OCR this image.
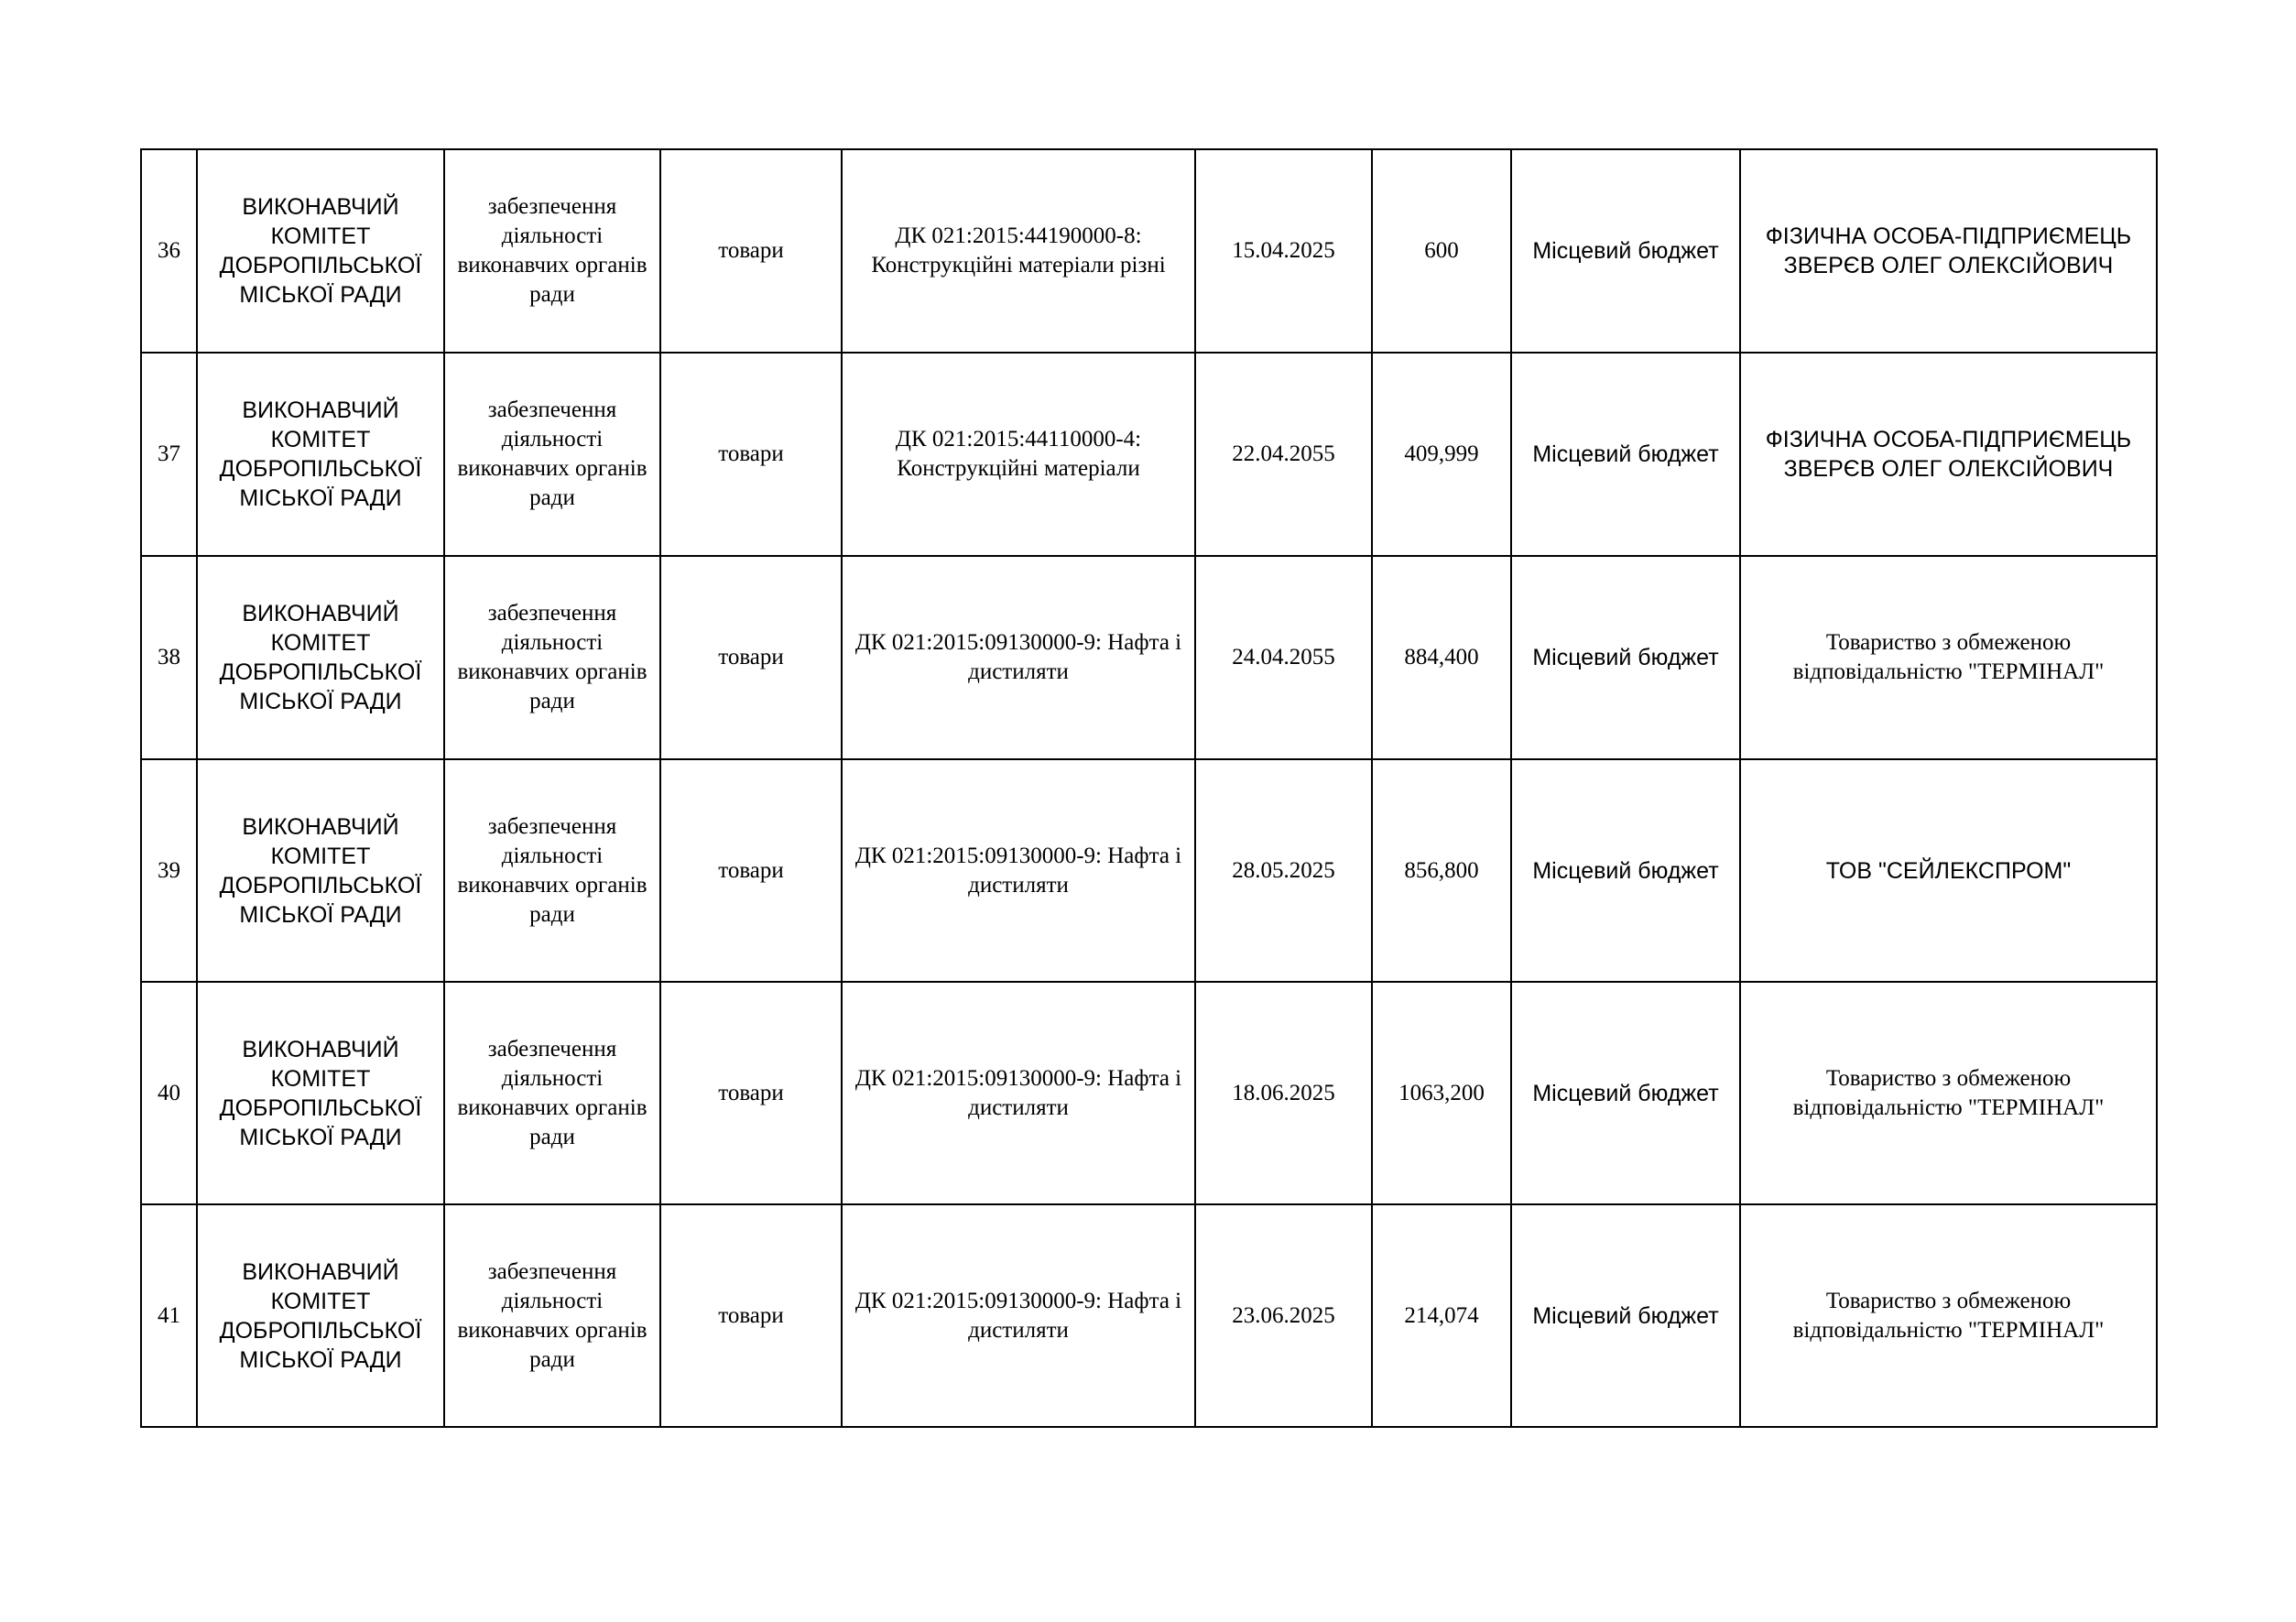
36	ВИКОНАВЧИЙ
КОМІТЕТ
ДОБРОПІЛЬСЬКОЇ
МІСЬКОЇ РАДИ	забезпечення
діяльності
виконавчих органів
ради	товари	ДК 021:2015:44190000-8:
Конструкційні матеріали різні	15.04.2025	600	Місцевий бюджет	ФІЗИЧНА ОСОБА-ПІДПРИЄМЕЦЬ
ЗВЕРЄВ ОЛЕГ ОЛЕКСІЙОВИЧ
37	ВИКОНАВЧИЙ
КОМІТЕТ
ДОБРОПІЛЬСЬКОЇ
МІСЬКОЇ РАДИ	забезпечення
діяльності
виконавчих органів
ради	товари	ДК 021:2015:44110000-4:
Конструкційні матеріали	22.04.2055	409,999	Місцевий бюджет	ФІЗИЧНА ОСОБА-ПІДПРИЄМЕЦЬ
ЗВЕРЄВ ОЛЕГ ОЛЕКСІЙОВИЧ
38	ВИКОНАВЧИЙ
КОМІТЕТ
ДОБРОПІЛЬСЬКОЇ
МІСЬКОЇ РАДИ	забезпечення
діяльності
виконавчих органів
ради	товари	ДК 021:2015:09130000-9: Нафта і
дистиляти	24.04.2055	884,400	Місцевий бюджет	Товариство з обмеженою
відповідальністю "ТЕРМІНАЛ"
39	ВИКОНАВЧИЙ
КОМІТЕТ
ДОБРОПІЛЬСЬКОЇ
МІСЬКОЇ РАДИ	забезпечення
діяльності
виконавчих органів
ради	товари	ДК 021:2015:09130000-9: Нафта і
дистиляти	28.05.2025	856,800	Місцевий бюджет	ТОВ "СЕЙЛЕКСПРОМ"
40	ВИКОНАВЧИЙ
КОМІТЕТ
ДОБРОПІЛЬСЬКОЇ
МІСЬКОЇ РАДИ	забезпечення
діяльності
виконавчих органів
ради	товари	ДК 021:2015:09130000-9: Нафта і
дистиляти	18.06.2025	1063,200	Місцевий бюджет	Товариство з обмеженою
відповідальністю "ТЕРМІНАЛ"
41	ВИКОНАВЧИЙ
КОМІТЕТ
ДОБРОПІЛЬСЬКОЇ
МІСЬКОЇ РАДИ	забезпечення
діяльності
виконавчих органів
ради	товари	ДК 021:2015:09130000-9: Нафта і
дистиляти	23.06.2025	214,074	Місцевий бюджет	Товариство з обмеженою
відповідальністю "ТЕРМІНАЛ"
